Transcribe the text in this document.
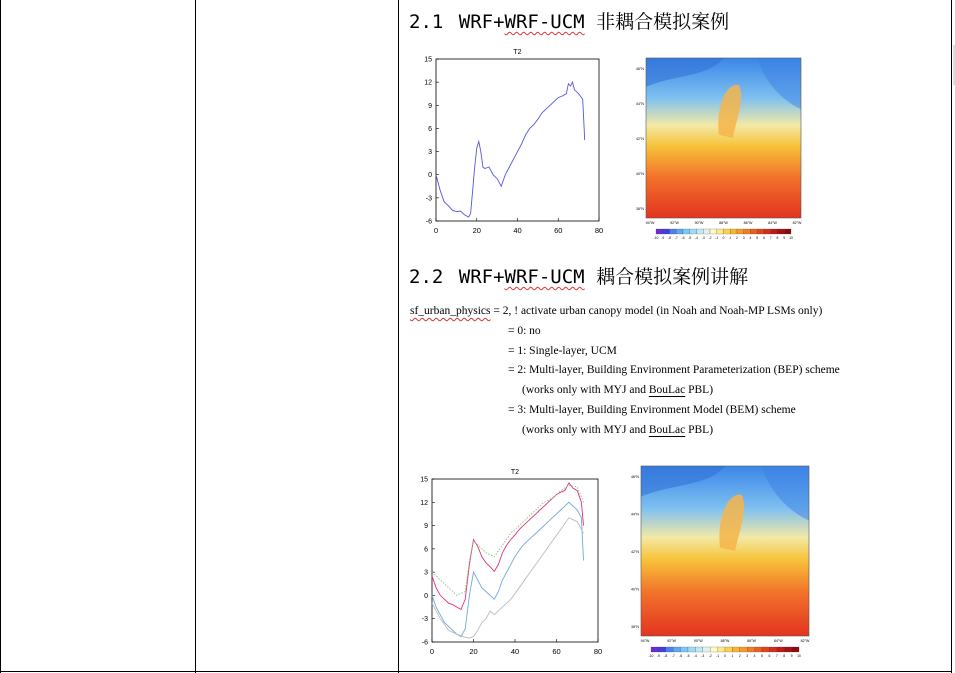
2.1 WRF+WRF-UCM 非耦合模拟案例
T2
0	20	40	60	80
-6
-3
0
3
6
9
12
15
46°N
44°N
42°N
40°N
38°N
94°W	92°W	90°W	88°W	86°W	84°W	82°W
-10 -9 -8 -7 -6 -5 -4 -3 -2 -1 0 1 2 3 4 5 6 7 8 9 10
2.2 WRF+WRF-UCM 耦合模拟案例讲解
sf_urban_physics = 2, ! activate urban canopy model (in Noah and Noah-MP LSMs only)
= 0: no
= 1: Single-layer, UCM
= 2: Multi-layer, Building Environment Parameterization (BEP) scheme
(works only with MYJ and BouLac PBL)
= 3: Multi-layer, Building Environment Model (BEM) scheme
(works only with MYJ and BouLac PBL)
T2
0	20	40	60	80
-6
-3
0
3
6
9
12
15	46°N
44°N
42°N
40°N
38°N
94°W	92°W	90°W	88°W	86°W	84°W	82°W
-10 -9 -8 -7 -6 -5 -4 -3 -2 -1 0 1 2 3 4 5 6 7 8 9 10
